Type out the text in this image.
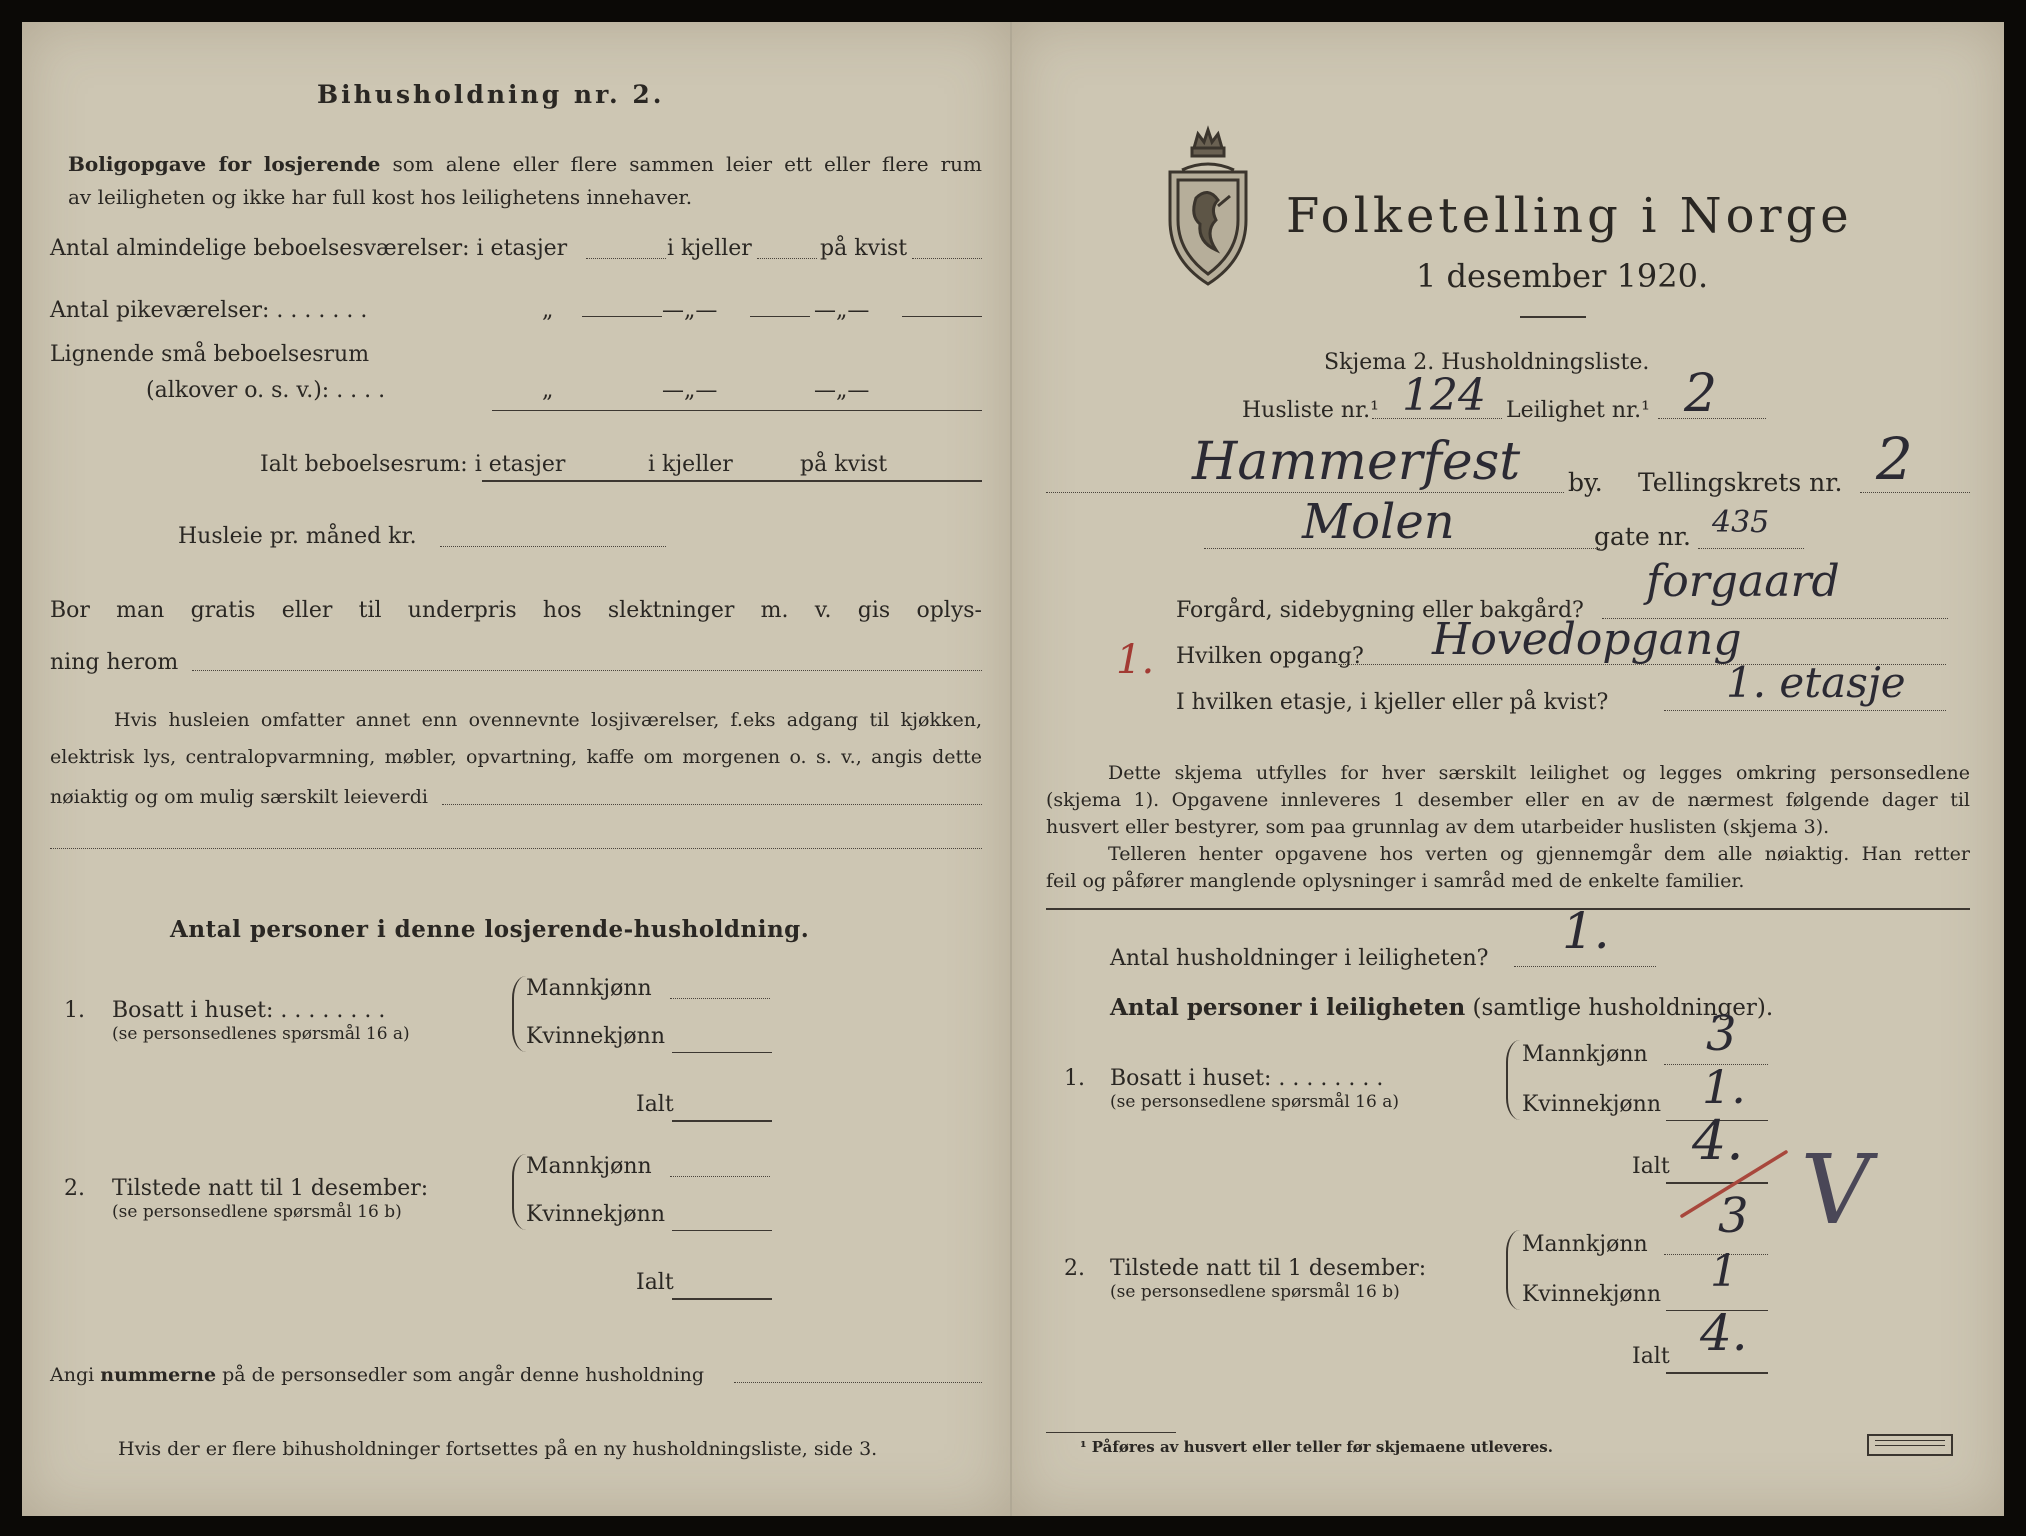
Bihusholdning nr. 2.
Boligopgave for losjerende som alene eller flere sammen leier ett eller flere rum
av leiligheten og ikke har full kost hos leilighetens innehaver.
Antal almindelige beboelsesværelser: i etasjer	i kjeller	på kvist
Antal pikeværelser: . . . . . . .	„	—„—	—„—
Lignende små beboelsesrum
(alkover o. s. v.): . . . .	„	—„—	—„—
Ialt beboelsesrum: i etasjer	i kjeller	på kvist
Husleie pr. måned kr.
Bor man gratis eller til underpris hos slektninger m. v. gis oplys-
ning herom
Hvis husleien omfatter annet enn ovennevnte losjiværelser, f.eks adgang til kjøkken,
elektrisk lys, centralopvarmning, møbler, opvartning, kaffe om morgenen o. s. v., angis dette
nøiaktig og om mulig særskilt leieverdi
Antal personer i denne losjerende-husholdning.
1. Bosatt i huset: . . . . . . . .
(se personsedlenes spørsmål 16 a)
Mannkjønn
Kvinnekjønn
Ialt
2. Tilstede natt til 1 desember:
(se personsedlene spørsmål 16 b)
Mannkjønn
Kvinnekjønn
Ialt
Angi nummerne på de personsedler som angår denne husholdning
Hvis der er flere bihusholdninger fortsettes på en ny husholdningsliste, side 3.
Folketelling i Norge
1 desember 1920.
Skjema 2. Husholdningsliste.
Husliste nr.¹ 124 Leilighet nr.¹ 2
Hammerfest by. Tellingskrets nr. 2
Molen	gate nr. 435
Forgård, sidebygning eller bakgård?
forgaard
1. Hvilken opgang? Hovedopgang
I hvilken etasje, i kjeller eller på kvist?	1. etasje
Dette skjema utfylles for hver særskilt leilighet og legges omkring personsedlene
(skjema 1). Opgavene innleveres 1 desember eller en av de nærmest følgende dager til
husvert eller bestyrer, som paa grunnlag av dem utarbeider huslisten (skjema 3).
Telleren henter opgavene hos verten og gjennemgår dem alle nøiaktig. Han retter
feil og påfører manglende oplysninger i samråd med de enkelte familier.
Antal husholdninger i leiligheten? 1.
Antal personer i leiligheten (samtlige husholdninger).
1. Bosatt i huset: . . . . . . . .
(se personsedlene spørsmål 16 a)
Mannkjønn 3
Kvinnekjønn 1.
Ialt 4.
3
2. Tilstede natt til 1 desember:
(se personsedlene spørsmål 16 b)
Mannkjønn
Kvinnekjønn 1
Ialt 4.
V
¹ Påføres av husvert eller teller før skjemaene utleveres.
